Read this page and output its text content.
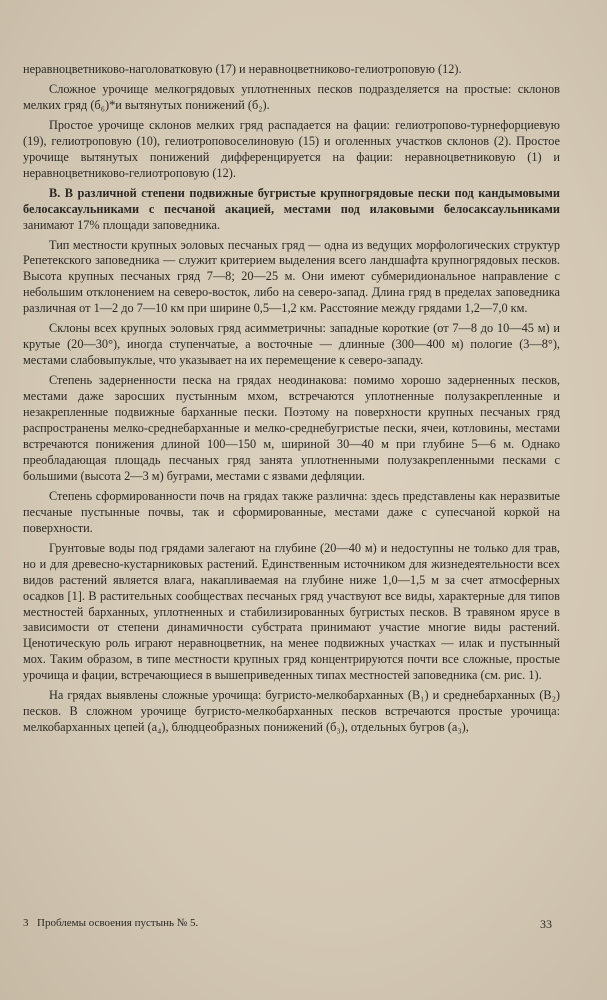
неравноцветниково-наголоватковую (17) и неравноцветниково-гелиотроповую (12).

Сложное урочище мелкогрядовых уплотненных песков подразделяется на простые: склонов мелких гряд (б₆)*и вытянутых понижений (б₂).

Простое урочище склонов мелких гряд распадается на фации: гелиотропово-турнефорциевую (19), гелиотроповую (10), гелиотроповоселиновую (15) и оголенных участков склонов (2). Простое урочище вытянутых понижений дифференцируется на фации: неравноцветниковую (1) и неравноцветниково-гелиотроповую (12).

В. В различной степени подвижные бугристые крупногрядовые пески под кандымовыми белосаксаульниками с песчаной акацией, местами под илаковыми белосаксаульниками занимают 17% площади заповедника.

Тип местности крупных эоловых песчаных гряд — одна из ведущих морфологических структур Репетекского заповедника — служит критерием выделения всего ландшафта крупногрядовых песков. Высота крупных песчаных гряд 7—8; 20—25 м. Они имеют субмеридиональное направление с небольшим отклонением на северо-восток, либо на северо-запад. Длина гряд в пределах заповедника различная от 1—2 до 7—10 км при ширине 0,5—1,2 км. Расстояние между грядами 1,2—7,0 км.

Склоны всех крупных эоловых гряд асимметричны: западные короткие (от 7—8 до 10—45 м) и крутые (20—30°), иногда ступенчатые, а восточные — длинные (300—400 м) пологие (3—8°), местами слабовыпуклые, что указывает на их перемещение к северо-западу.

Степень задерненности песка на грядах неодинакова: помимо хорошо задерненных песков, местами даже заросших пустынным мхом, встречаются уплотненные полузакрепленные и незакрепленные подвижные барханные пески. Поэтому на поверхности крупных песчаных гряд распространены мелко-среднебарханные и мелко-среднебугристые пески, ячеи, котловины, местами встречаются понижения длиной 100—150 м, шириной 30—40 м при глубине 5—6 м. Однако преобладающая площадь песчаных гряд занята уплотненными полузакрепленными песками с большими (высота 2—3 м) буграми, местами с язвами дефляции.

Степень сформированности почв на грядах также различна: здесь представлены как неразвитые песчаные пустынные почвы, так и сформированные, местами даже с супесчаной коркой на поверхности.

Грунтовые воды под грядами залегают на глубине (20—40 м) и недоступны не только для трав, но и для древесно-кустарниковых растений. Единственным источником для жизнедеятельности всех видов растений является влага, накапливаемая на глубине ниже 1,0—1,5 м за счет атмосферных осадков [1]. В растительных сообществах песчаных гряд участвуют все виды, характерные для типов местностей барханных, уплотненных и стабилизированных бугристых песков. В травяном ярусе в зависимости от степени динамичности субстрата принимают участие многие виды растений. Ценотическую роль играют неравноцветник, на менее подвижных участках — илак и пустынный мох. Таким образом, в типе местности крупных гряд концентрируются почти все сложные, простые урочища и фации, встречающиеся в вышеприведенных типах местностей заповедника (см. рис. 1).

На грядах выявлены сложные урочища: бугристо-мелкобарханных (В₁) и среднебарханных (В₂) песков. В сложном урочище бугристо-мелкобарханных песков встречаются простые урочища: мелкобарханных цепей (а₄), блюдцеобразных понижений (б₃), отдельных бугров (а₃),

3 Проблемы освоения пустынь № 5.	33
